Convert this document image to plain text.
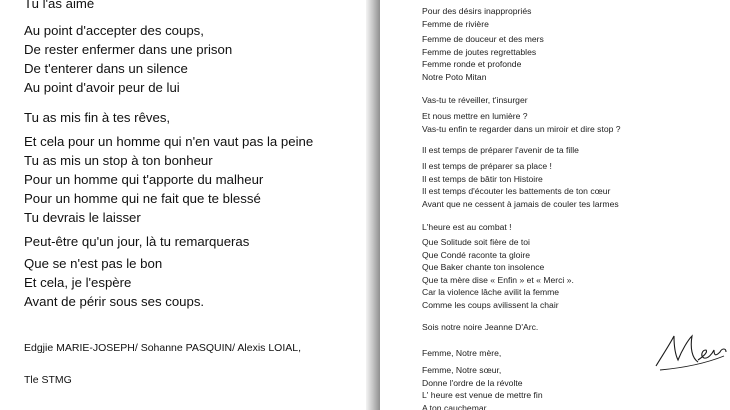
Tu l'as aimé
Au point d'accepter des coups,
De rester enfermer dans une prison
De t'enterer dans un silence
Au point d'avoir peur de lui
Tu as mis fin à tes rêves,
Et cela pour un homme qui n'en vaut pas la peine
Tu as mis un stop à ton bonheur
Pour un homme qui t'apporte du malheur
Pour un homme qui ne fait que te blessé
Tu devrais le laisser
Peut-être qu'un jour, là tu remarqueras
Que se n'est pas le bon
Et cela, je l'espère
Avant de périr sous ses coups.
Edgjie MARIE-JOSEPH/ Sohanne PASQUIN/ Alexis LOIAL,
Tle STMG
Pour des désirs inappropriés
Femme de rivière
Femme de douceur et des mers
Femme de joutes regrettables
Femme ronde et profonde
Notre Poto Mitan
Vas-tu te réveiller, t'insurger
Et nous mettre en lumière ?
Vas-tu enfin te regarder dans un miroir et dire stop ?
Il est temps de préparer l'avenir de ta fille
Il est temps de préparer sa place !
Il est temps de bâtir ton Histoire
Il est temps d'écouter les battements de ton cœur
Avant que ne cessent à jamais de couler tes larmes
L'heure est au combat !
Que Solitude soit fière de toi
Que Condé raconte ta gloire
Que Baker chante ton insolence
Que ta mère dise « Enfin » et « Merci ».
Car la violence lâche avilit la femme
Comme les coups avilissent la chair
Sois notre noire Jeanne D'Arc.
Femme, Notre mère,
Femme, Notre sœur,
Donne l'ordre de la révolte
L' heure est venue de mettre fin
A ton cauchemar
